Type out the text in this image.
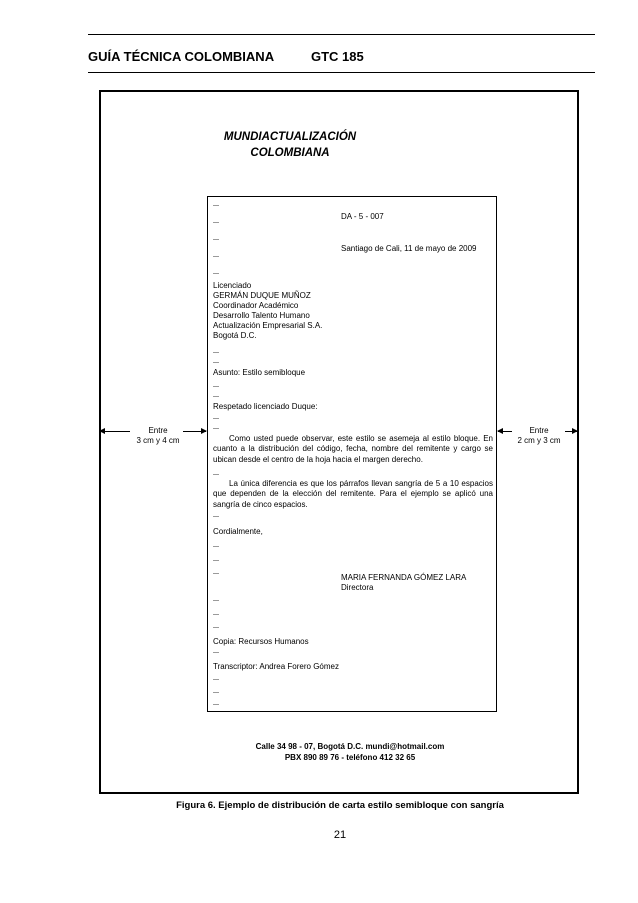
GUÍA TÉCNICA COLOMBIANA	GTC 185
MUNDIACTUALIZACIÓN
COLOMBIANA
DA - 5 - 007
Santiago de Cali, 11 de mayo de 2009
Licenciado
GERMÁN DUQUE MUÑOZ
Coordinador Académico
Desarrollo Talento Humano
Actualización Empresarial S.A.
Bogotá D.C.
Asunto: Estilo semibloque
Respetado licenciado Duque:

Como usted puede observar, este estilo se asemeja al estilo bloque. En cuanto a la distribución del código, fecha, nombre del remitente y cargo se ubican desde el centro de la hoja hacia el margen derecho.

La única diferencia es que los párrafos llevan sangría de 5 a 10 espacios que dependen de la elección del remitente. Para el ejemplo se aplicó una sangría de cinco espacios.

Cordialmente,
MARIA FERNANDA GÓMEZ LARA
Directora
Copia: Recursos Humanos
Transcriptor: Andrea Forero Gómez
Entre
3 cm y 4 cm
Entre
2 cm y 3 cm
Calle 34 98 - 07, Bogotá D.C. mundi@hotmail.com
PBX 890 89 76 - teléfono 412 32 65
Figura 6. Ejemplo de distribución de carta estilo semibloque con sangría
21
